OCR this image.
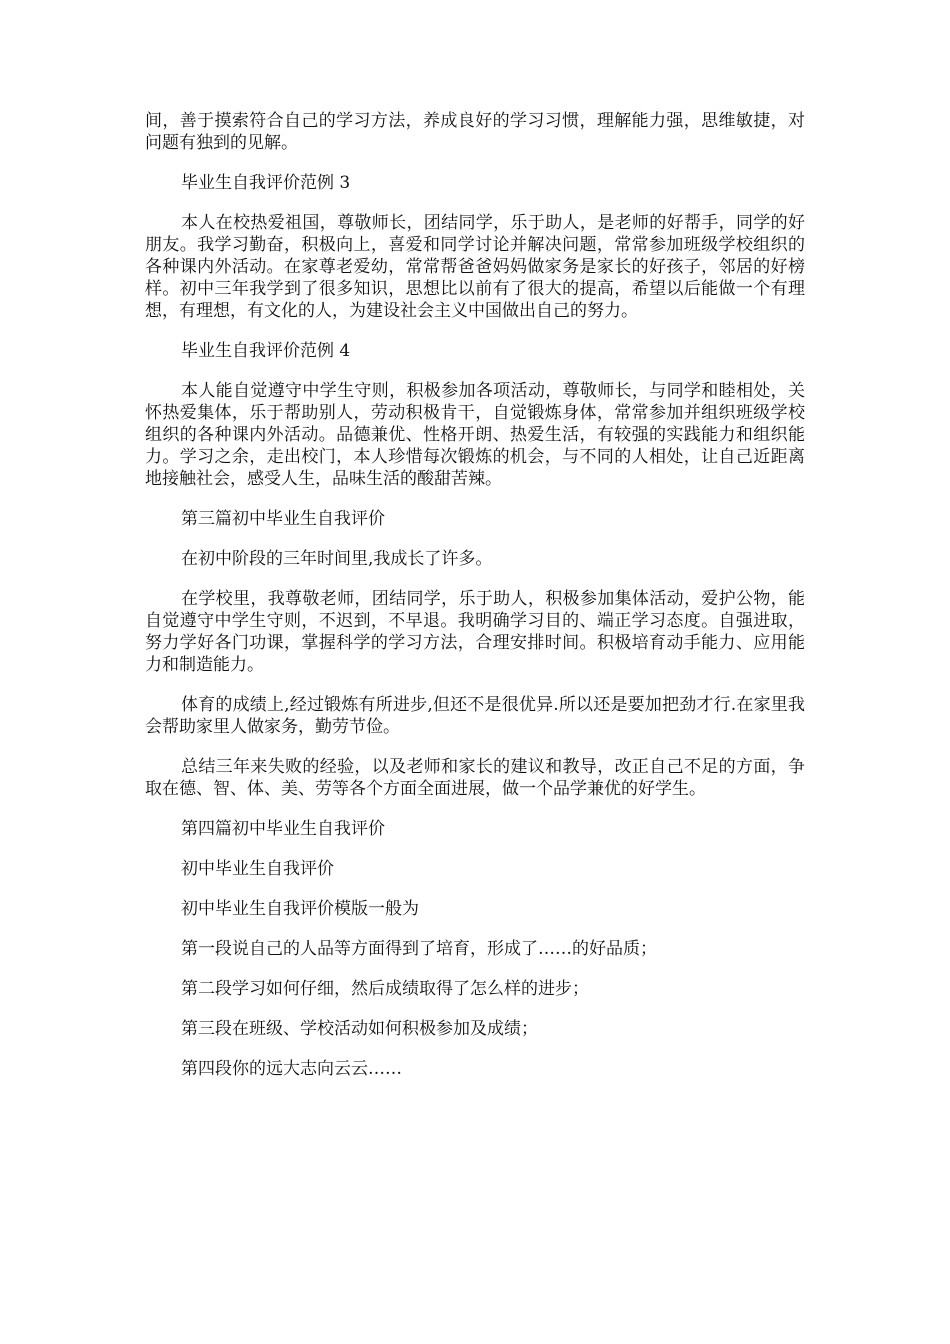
间，善于摸索符合自己的学习方法，养成良好的学习习惯，理解能力强，思维敏捷，对问题有独到的见解。

毕业生自我评价范例 3

本人在校热爱祖国，尊敬师长，团结同学，乐于助人，是老师的好帮手，同学的好朋友。我学习勤奋，积极向上，喜爱和同学讨论并解决问题，常常参加班级学校组织的各种课内外活动。在家尊老爱幼，常常帮爸爸妈妈做家务是家长的好孩子，邻居的好榜样。初中三年我学到了很多知识，思想比以前有了很大的提高，希望以后能做一个有理想，有理想，有文化的人，为建设社会主义中国做出自己的努力。

毕业生自我评价范例 4

本人能自觉遵守中学生守则，积极参加各项活动，尊敬师长，与同学和睦相处，关怀热爱集体，乐于帮助别人，劳动积极肯干，自觉锻炼身体，常常参加并组织班级学校组织的各种课内外活动。品德兼优、性格开朗、热爱生活，有较强的实践能力和组织能力。学习之余，走出校门，本人珍惜每次锻炼的机会，与不同的人相处，让自己近距离地接触社会，感受人生，品味生活的酸甜苦辣。

第三篇初中毕业生自我评价

在初中阶段的三年时间里,我成长了许多。

在学校里，我尊敬老师，团结同学，乐于助人，积极参加集体活动，爱护公物，能自觉遵守中学生守则，不迟到，不早退。我明确学习目的、端正学习态度。自强进取，努力学好各门功课，掌握科学的学习方法，合理安排时间。积极培育动手能力、应用能力和制造能力。

体育的成绩上,经过锻炼有所进步,但还不是很优异.所以还是要加把劲才行.在家里我会帮助家里人做家务，勤劳节俭。

总结三年来失败的经验，以及老师和家长的建议和教导，改正自己不足的方面，争取在德、智、体、美、劳等各个方面全面进展，做一个品学兼优的好学生。

第四篇初中毕业生自我评价

初中毕业生自我评价

初中毕业生自我评价模版一般为

第一段说自己的人品等方面得到了培育，形成了……的好品质；

第二段学习如何仔细，然后成绩取得了怎么样的进步；

第三段在班级、学校活动如何积极参加及成绩；

第四段你的远大志向云云……
